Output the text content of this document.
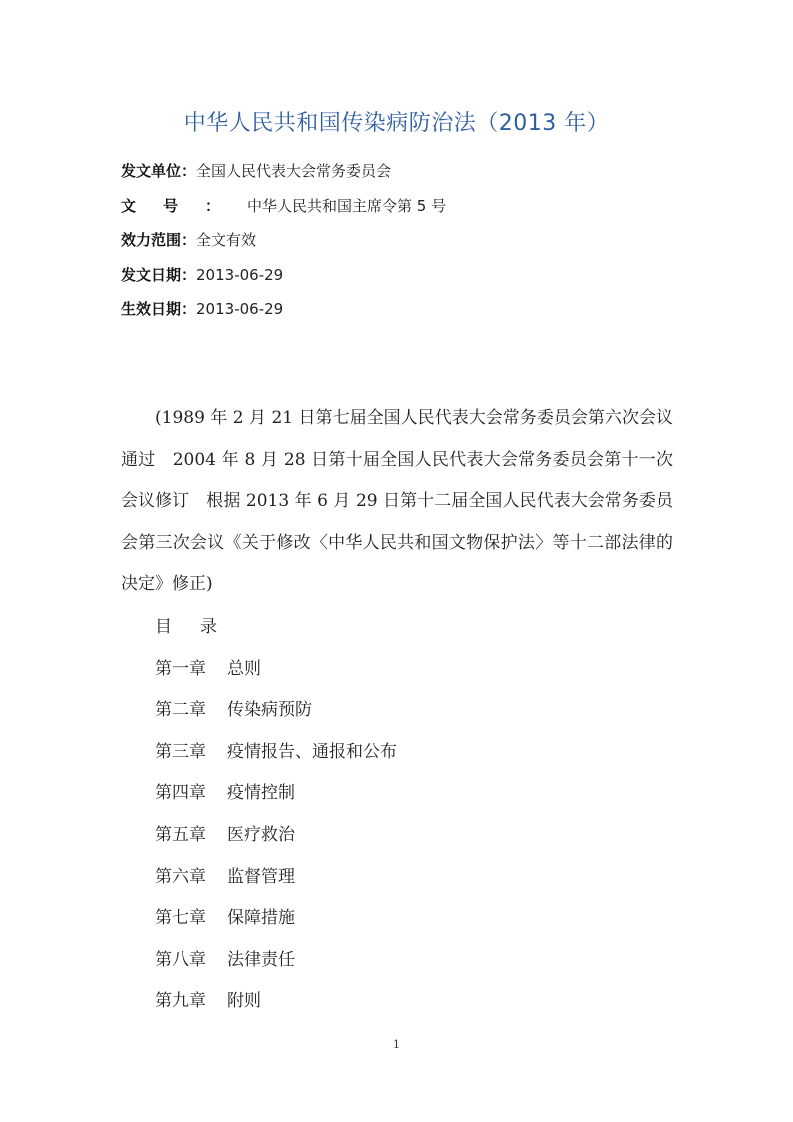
中华人民共和国传染病防治法（2013 年）
发文单位：全国人民代表大会常务委员会
文号：中华人民共和国主席令第 5 号
效力范围：全文有效
发文日期：2013-06-29
生效日期：2013-06-29

(1989 年 2 月 21 日第七届全国人民代表大会常务委员会第六次会议通过　2004 年 8 月 28 日第十届全国人民代表大会常务委员会第十一次会议修订　根据 2013 年 6 月 29 日第十二届全国人民代表大会常务委员会第三次会议《关于修改〈中华人民共和国文物保护法〉等十二部法律的决定》修正)

目录
第一章 总则
第二章 传染病预防
第三章 疫情报告、通报和公布
第四章 疫情控制
第五章 医疗救治
第六章 监督管理
第七章 保障措施
第八章 法律责任
第九章 附则
1
